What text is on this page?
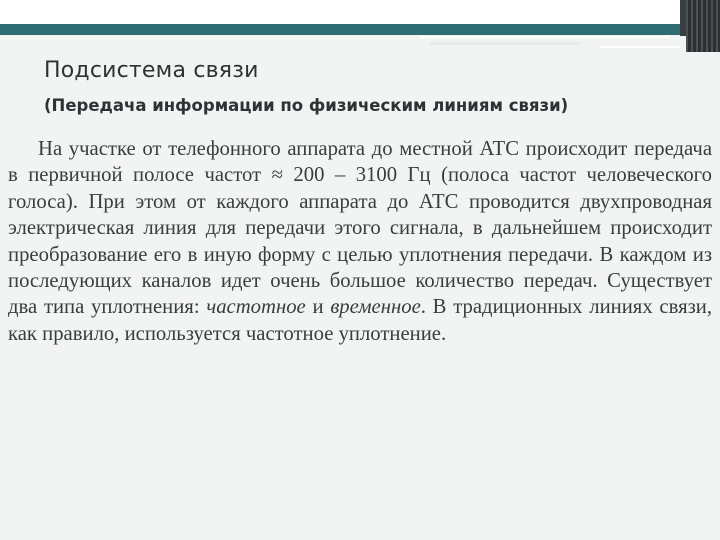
Подсистема связи
(Передача информации по физическим линиям связи)

На участке от телефонного аппарата до местной АТС происходит передача в первичной полосе частот ≈ 200 – 3100 Гц (полоса частот человеческого голоса). При этом от каждого аппарата до АТС проводится двухпроводная электрическая линия для передачи этого сигнала, в дальнейшем происходит преобразование его в иную форму с целью уплотнения передачи. В каждом из последующих каналов идет очень большое количество передач. Существует два типа уплотнения: частотное и временное. В традиционных линиях связи, как правило, используется частотное уплотнение.
